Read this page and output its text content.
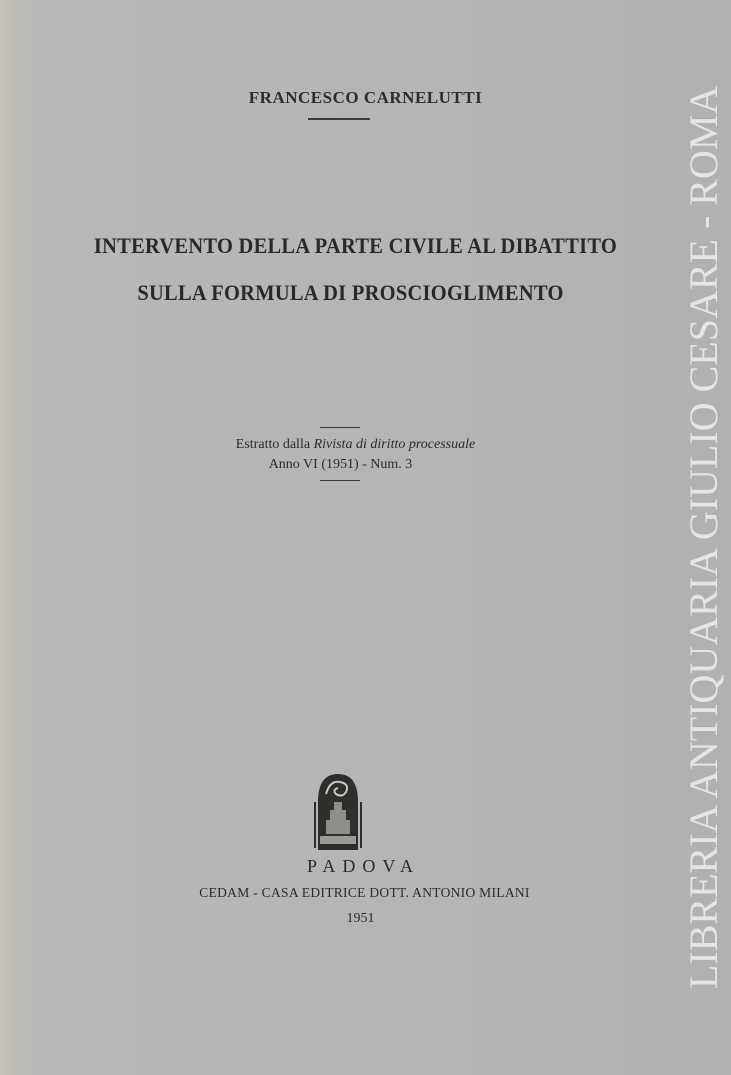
FRANCESCO CARNELUTTI
INTERVENTO DELLA PARTE CIVILE AL DIBATTITO
SULLA FORMULA DI PROSCIOGLIMENTO
Estratto dalla Rivista di diritto processuale
Anno VI (1951) - Num. 3
PADOVA
CEDAM - CASA EDITRICE DOTT. ANTONIO MILANI
1951	LIBRERIA ANTIQUARIA GIULIO CESARE - ROMA
